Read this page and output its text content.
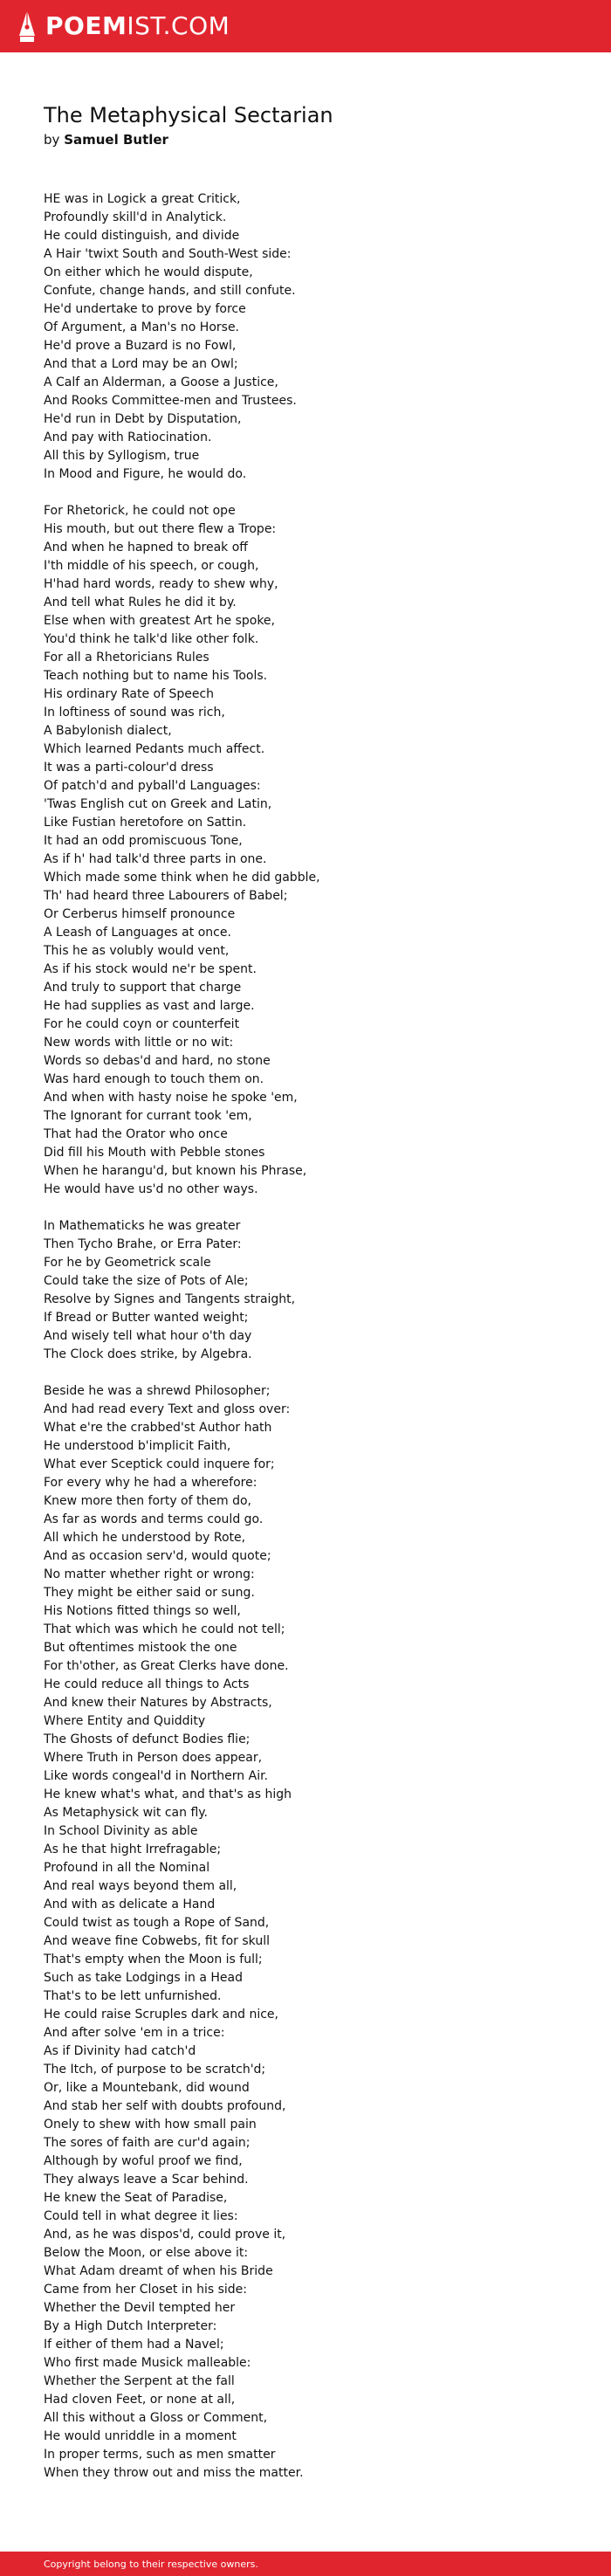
POEMIST.COM
The Metaphysical Sectarian
by Samuel Butler
HE was in Logick a great Critick,
Profoundly skill'd in Analytick.
He could distinguish, and divide
A Hair 'twixt South and South-West side:
On either which he would dispute,
Confute, change hands, and still confute.
He'd undertake to prove by force
Of Argument, a Man's no Horse.
He'd prove a Buzard is no Fowl,
And that a Lord may be an Owl;
A Calf an Alderman, a Goose a Justice,
And Rooks Committee-men and Trustees.
He'd run in Debt by Disputation,
And pay with Ratiocination.
All this by Syllogism, true
In Mood and Figure, he would do.
For Rhetorick, he could not ope
His mouth, but out there flew a Trope:
And when he hapned to break off
I'th middle of his speech, or cough,
H'had hard words, ready to shew why,
And tell what Rules he did it by.
Else when with greatest Art he spoke,
You'd think he talk'd like other folk.
For all a Rhetoricians Rules
Teach nothing but to name his Tools.
His ordinary Rate of Speech
In loftiness of sound was rich,
A Babylonish dialect,
Which learned Pedants much affect.
It was a parti-colour'd dress
Of patch'd and pyball'd Languages:
'Twas English cut on Greek and Latin,
Like Fustian heretofore on Sattin.
It had an odd promiscuous Tone,
As if h' had talk'd three parts in one.
Which made some think when he did gabble,
Th' had heard three Labourers of Babel;
Or Cerberus himself pronounce
A Leash of Languages at once.
This he as volubly would vent,
As if his stock would ne'r be spent.
And truly to support that charge
He had supplies as vast and large.
For he could coyn or counterfeit
New words with little or no wit:
Words so debas'd and hard, no stone
Was hard enough to touch them on.
And when with hasty noise he spoke 'em,
The Ignorant for currant took 'em,
That had the Orator who once
Did fill his Mouth with Pebble stones
When he harangu'd, but known his Phrase,
He would have us'd no other ways.
In Mathematicks he was greater
Then Tycho Brahe, or Erra Pater:
For he by Geometrick scale
Could take the size of Pots of Ale;
Resolve by Signes and Tangents straight,
If Bread or Butter wanted weight;
And wisely tell what hour o'th day
The Clock does strike, by Algebra.
Beside he was a shrewd Philosopher;
And had read every Text and gloss over:
What e're the crabbed'st Author hath
He understood b'implicit Faith,
What ever Sceptick could inquere for;
For every why he had a wherefore:
Knew more then forty of them do,
As far as words and terms could go.
All which he understood by Rote,
And as occasion serv'd, would quote;
No matter whether right or wrong:
They might be either said or sung.
His Notions fitted things so well,
That which was which he could not tell;
But oftentimes mistook the one
For th'other, as Great Clerks have done.
He could reduce all things to Acts
And knew their Natures by Abstracts,
Where Entity and Quiddity
The Ghosts of defunct Bodies flie;
Where Truth in Person does appear,
Like words congeal'd in Northern Air.
He knew what's what, and that's as high
As Metaphysick wit can fly.
In School Divinity as able
As he that hight Irrefragable;
Profound in all the Nominal
And real ways beyond them all,
And with as delicate a Hand
Could twist as tough a Rope of Sand,
And weave fine Cobwebs, fit for skull
That's empty when the Moon is full;
Such as take Lodgings in a Head
That's to be lett unfurnished.
He could raise Scruples dark and nice,
And after solve 'em in a trice:
As if Divinity had catch'd
The Itch, of purpose to be scratch'd;
Or, like a Mountebank, did wound
And stab her self with doubts profound,
Onely to shew with how small pain
The sores of faith are cur'd again;
Although by woful proof we find,
They always leave a Scar behind.
He knew the Seat of Paradise,
Could tell in what degree it lies:
And, as he was dispos'd, could prove it,
Below the Moon, or else above it:
What Adam dreamt of when his Bride
Came from her Closet in his side:
Whether the Devil tempted her
By a High Dutch Interpreter:
If either of them had a Navel;
Who first made Musick malleable:
Whether the Serpent at the fall
Had cloven Feet, or none at all,
All this without a Gloss or Comment,
He would unriddle in a moment
In proper terms, such as men smatter
When they throw out and miss the matter.
Copyright belong to their respective owners.
